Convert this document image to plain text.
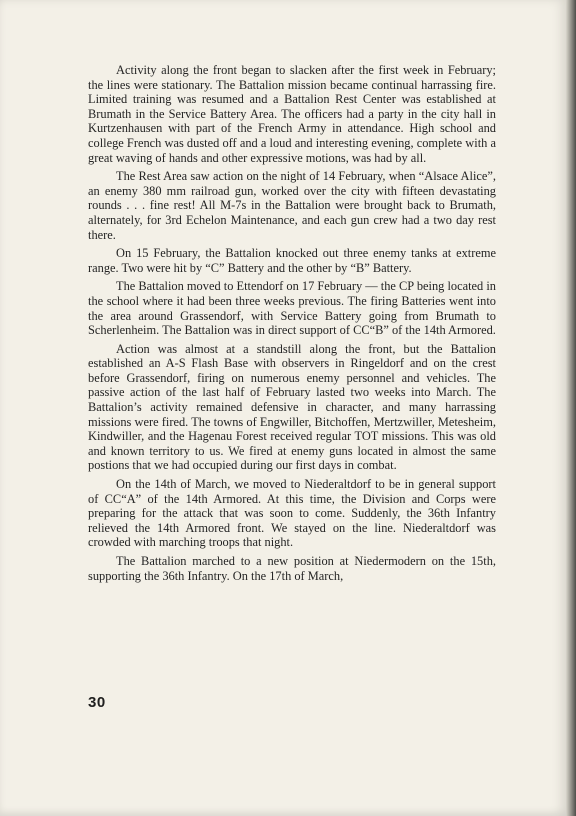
Activity along the front began to slacken after the first week in February; the lines were stationary. The Battalion mission became continual harrassing fire. Limited training was resumed and a Battalion Rest Center was established at Brumath in the Service Battery Area. The officers had a party in the city hall in Kurtzenhausen with part of the French Army in attendance. High school and college French was dusted off and a loud and interesting evening, complete with a great waving of hands and other expressive motions, was had by all.

The Rest Area saw action on the night of 14 February, when “Alsace Alice”, an enemy 380 mm railroad gun, worked over the city with fifteen devastating rounds . . . fine rest! All M-7s in the Battalion were brought back to Brumath, alternately, for 3rd Echelon Maintenance, and each gun crew had a two day rest there.

On 15 February, the Battalion knocked out three enemy tanks at extreme range. Two were hit by “C” Battery and the other by “B” Battery.

The Battalion moved to Ettendorf on 17 February — the CP being located in the school where it had been three weeks previous. The firing Batteries went into the area around Grassendorf, with Service Battery going from Brumath to Scherlenheim. The Battalion was in direct support of CC“B” of the 14th Armored.

Action was almost at a standstill along the front, but the Battalion established an A-S Flash Base with observers in Ringeldorf and on the crest before Grassendorf, firing on numerous enemy personnel and vehicles. The passive action of the last half of February lasted two weeks into March. The Battalion’s activity remained defensive in character, and many harrassing missions were fired. The towns of Engwiller, Bitchoffen, Mertzwiller, Metesheim, Kindwiller, and the Hagenau Forest received regular TOT missions. This was old and known territory to us. We fired at enemy guns located in almost the same postions that we had occupied during our first days in combat.

On the 14th of March, we moved to Niederaltdorf to be in general support of CC“A” of the 14th Armored. At this time, the Division and Corps were preparing for the attack that was soon to come. Suddenly, the 36th Infantry relieved the 14th Armored front. We stayed on the line. Niederaltdorf was crowded with marching troops that night.

The Battalion marched to a new position at Niedermodern on the 15th, supporting the 36th Infantry. On the 17th of March,

30
